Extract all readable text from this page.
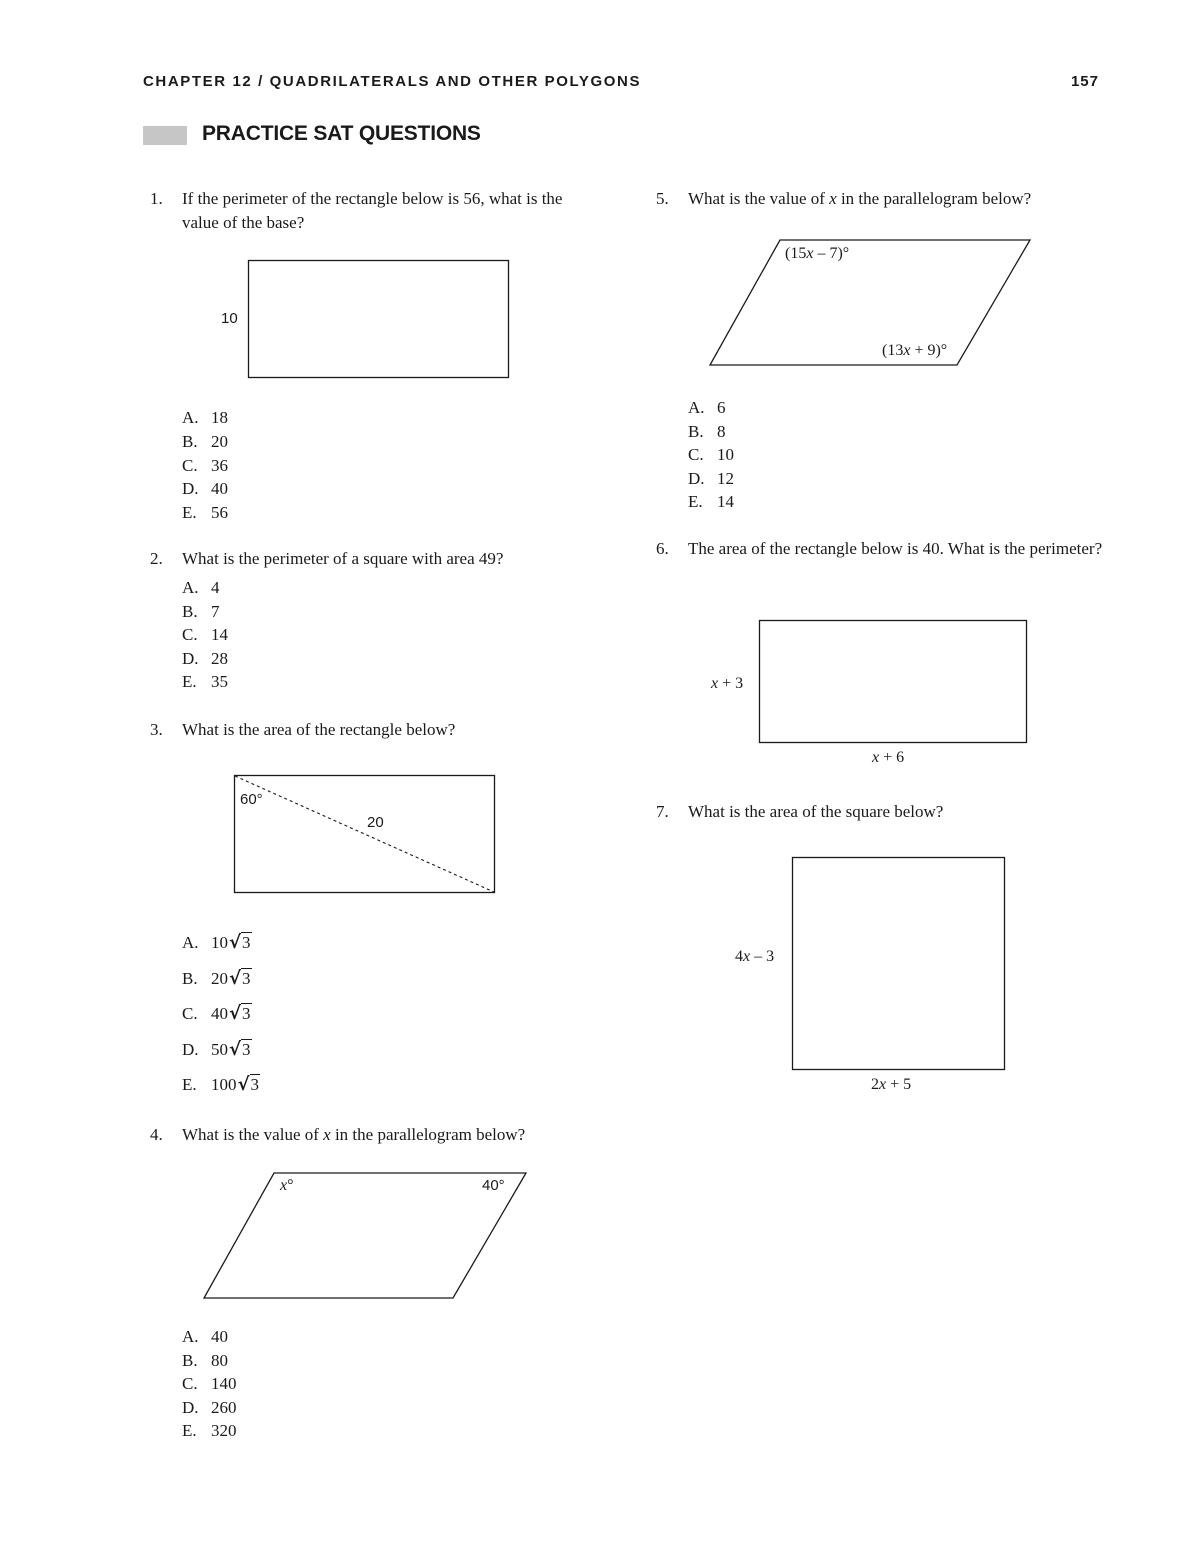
CHAPTER 12 / QUADRILATERALS AND OTHER POLYGONS	157
PRACTICE SAT QUESTIONS
1. If the perimeter of the rectangle below is 56, what is the value of the base?
10
A. 18
B. 20
C. 36
D. 40
E. 56
2. What is the perimeter of a square with area 49?
A. 4
B. 7
C. 14
D. 28
E. 35
3. What is the area of the rectangle below?
60°
20
A. 10√3
B. 20√3
C. 40√3
D. 50√3
E. 100√3
4. What is the value of x in the parallelogram below?
x°	40°
A. 40
B. 80
C. 140
D. 260
E. 320
5. What is the value of x in the parallelogram below?
(15x – 7)°
(13x + 9)°
A. 6
B. 8
C. 10
D. 12
E. 14
6. The area of the rectangle below is 40. What is the perimeter?
x + 3
x + 6
7. What is the area of the square below?
4x – 3
2x + 5
